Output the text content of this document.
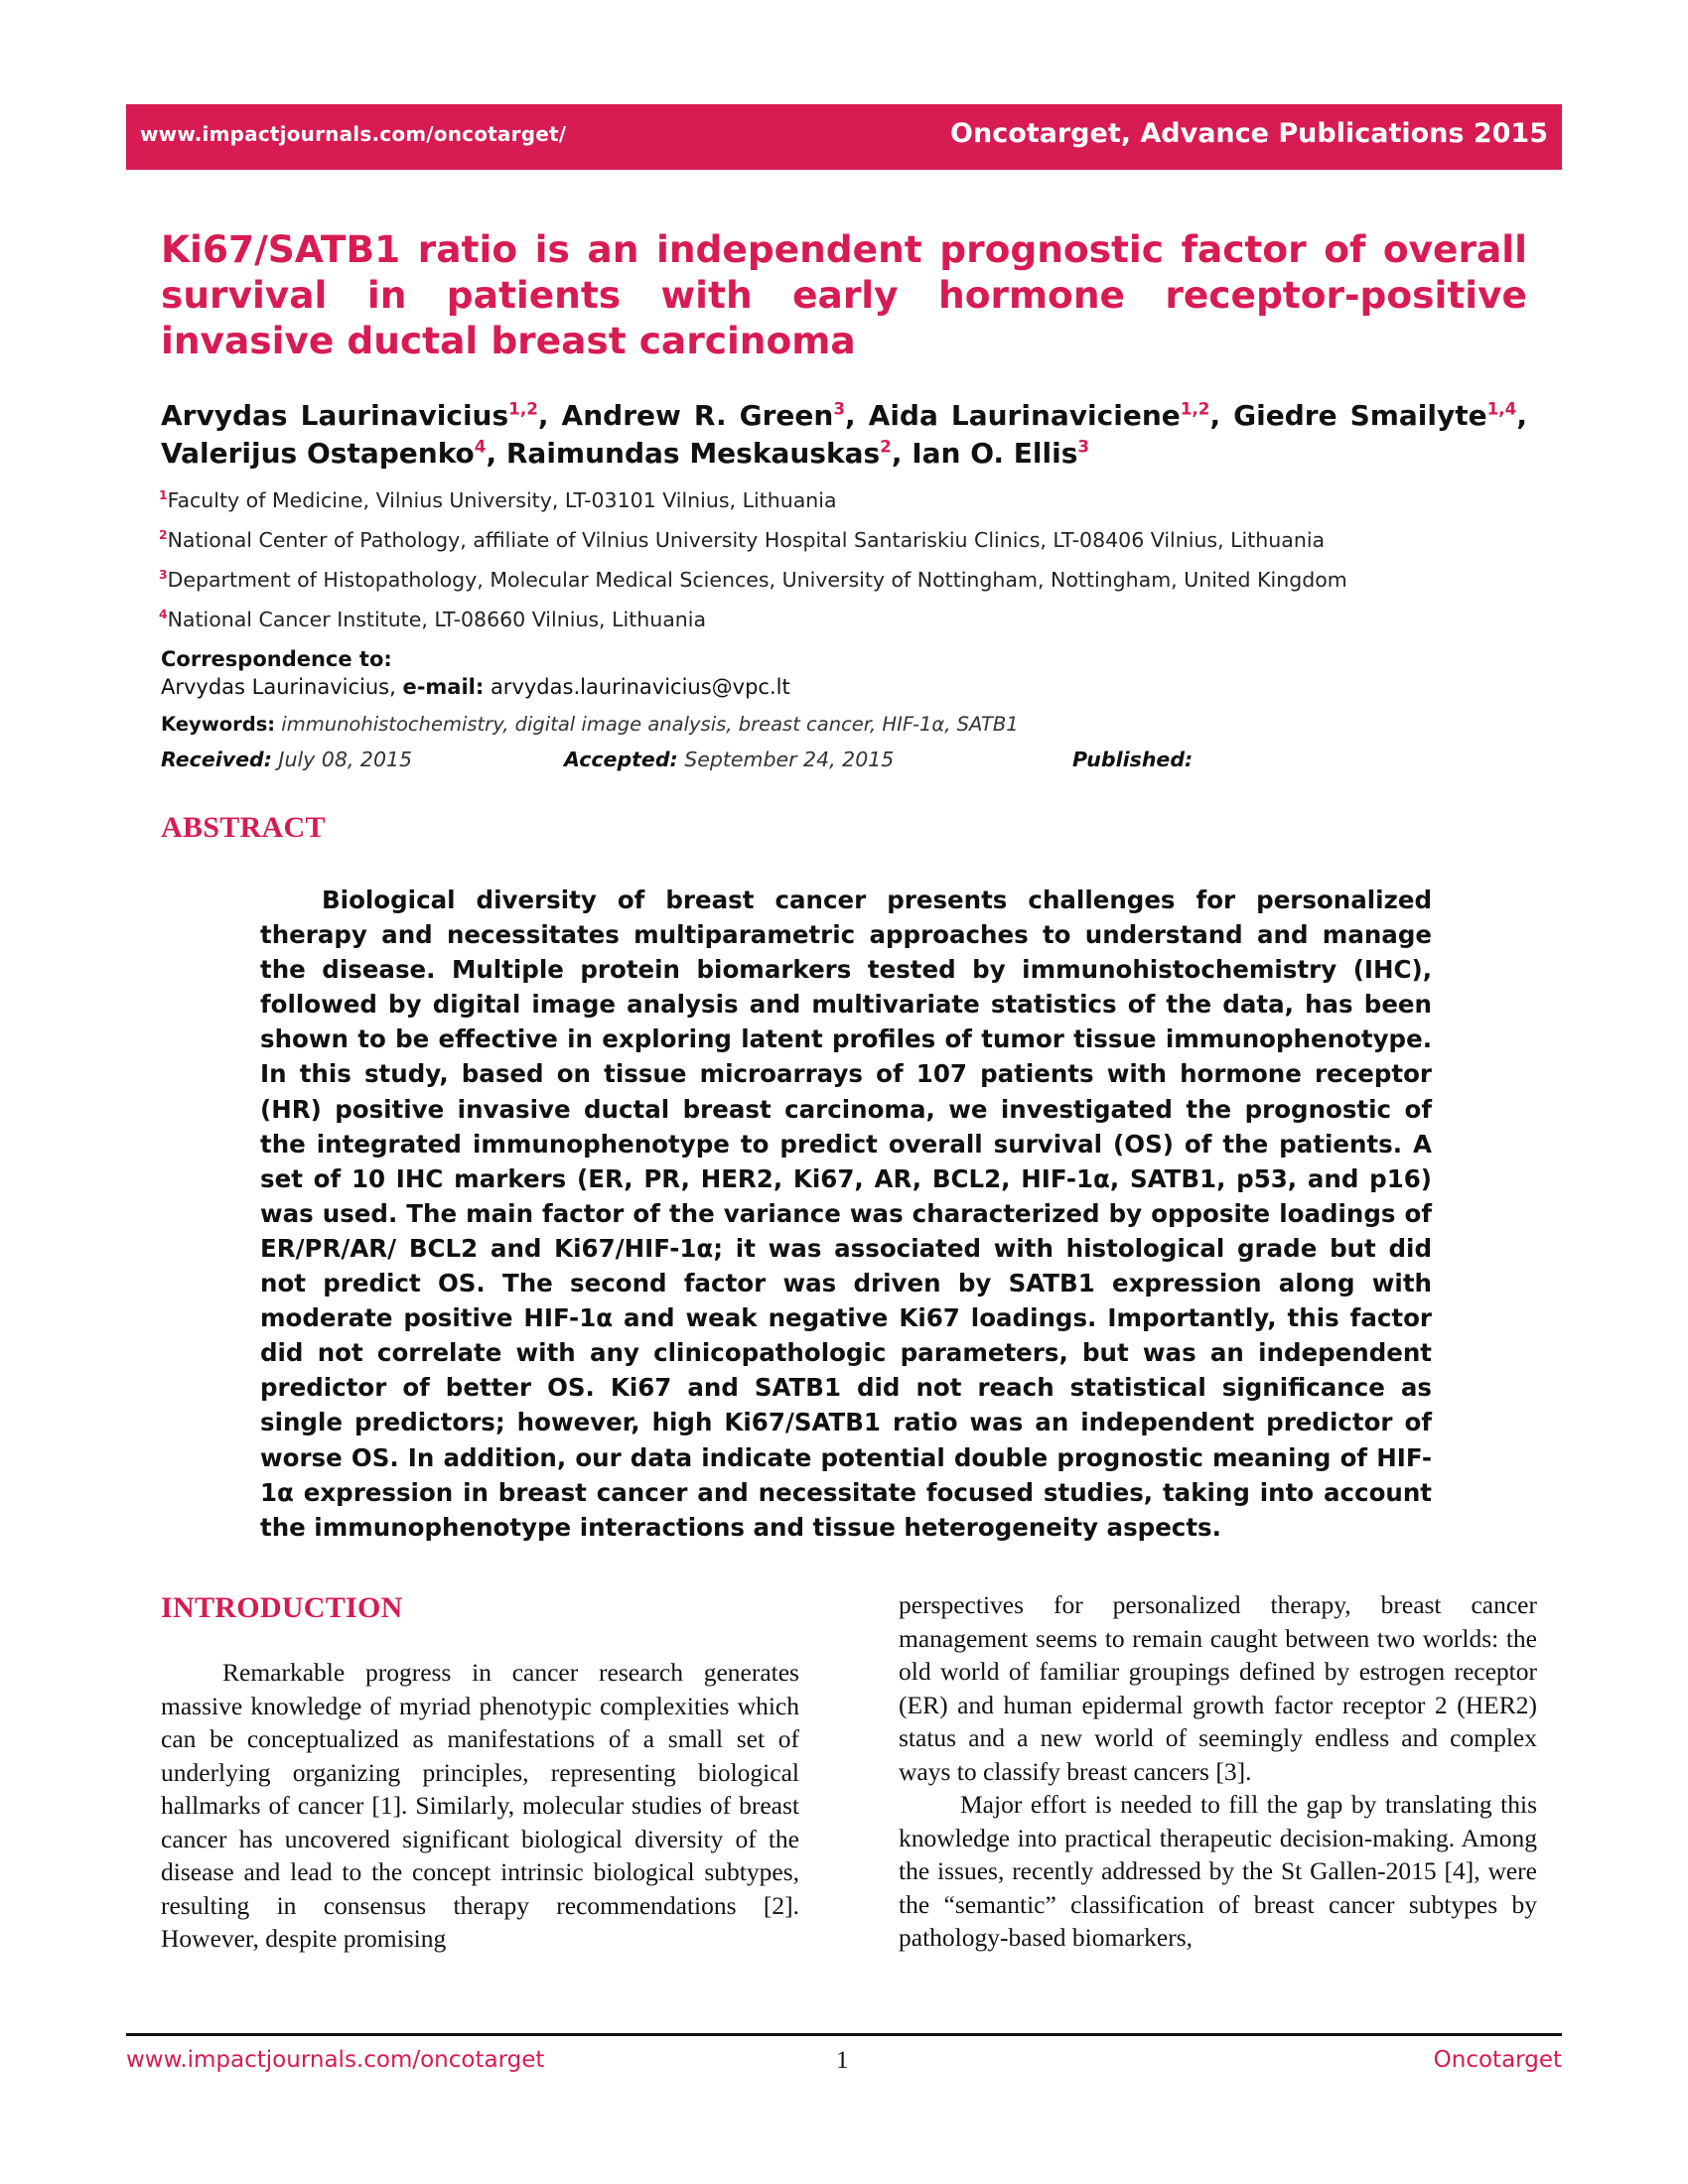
www.impactjournals.com/oncotarget/	Oncotarget, Advance Publications 2015
Ki67/SATB1 ratio is an independent prognostic factor of overall survival in patients with early hormone receptor-positive invasive ductal breast carcinoma
Arvydas Laurinavicius$^{1,2}$, Andrew R. Green$^3$, Aida Laurinaviciene$^{1,2}$, Giedre Smailyte$^{1,4}$, Valerijus Ostapenko$^4$, Raimundas Meskauskas$^2$, Ian O. Ellis$^3$
$^1$Faculty of Medicine, Vilnius University, LT-03101 Vilnius, Lithuania
$^2$National Center of Pathology, affiliate of Vilnius University Hospital Santariskiu Clinics, LT-08406 Vilnius, Lithuania
$^3$Department of Histopathology, Molecular Medical Sciences, University of Nottingham, Nottingham, United Kingdom
$^4$National Cancer Institute, LT-08660 Vilnius, Lithuania
Correspondence to:
Arvydas Laurinavicius, e-mail: arvydas.laurinavicius@vpc.lt
Keywords: immunohistochemistry, digital image analysis, breast cancer, HIF-1α, SATB1
Received: July 08, 2015	Accepted: September 24, 2015	Published:
ABSTRACT

Biological diversity of breast cancer presents challenges for personalized therapy and necessitates multiparametric approaches to understand and manage the disease. Multiple protein biomarkers tested by immunohistochemistry (IHC), followed by digital image analysis and multivariate statistics of the data, has been shown to be effective in exploring latent profiles of tumor tissue immunophenotype. In this study, based on tissue microarrays of 107 patients with hormone receptor (HR) positive invasive ductal breast carcinoma, we investigated the prognostic of the integrated immunophenotype to predict overall survival (OS) of the patients. A set of 10 IHC markers (ER, PR, HER2, Ki67, AR, BCL2, HIF-1α, SATB1, p53, and p16) was used. The main factor of the variance was characterized by opposite loadings of ER/PR/AR/ BCL2 and Ki67/HIF-1α; it was associated with histological grade but did not predict OS. The second factor was driven by SATB1 expression along with moderate positive HIF-1α and weak negative Ki67 loadings. Importantly, this factor did not correlate with any clinicopathologic parameters, but was an independent predictor of better OS. Ki67 and SATB1 did not reach statistical significance as single predictors; however, high Ki67/SATB1 ratio was an independent predictor of worse OS. In addition, our data indicate potential double prognostic meaning of HIF-1α expression in breast cancer and necessitate focused studies, taking into account the immunophenotype interactions and tissue heterogeneity aspects.

INTRODUCTION

Remarkable progress in cancer research generates massive knowledge of myriad phenotypic complexities which can be conceptualized as manifestations of a small set of underlying organizing principles, representing biological hallmarks of cancer [1]. Similarly, molecular studies of breast cancer has uncovered significant biological diversity of the disease and lead to the concept intrinsic biological subtypes, resulting in consensus therapy recommendations [2]. However, despite promising

perspectives for personalized therapy, breast cancer management seems to remain caught between two worlds: the old world of familiar groupings defined by estrogen receptor (ER) and human epidermal growth factor receptor 2 (HER2) status and a new world of seemingly endless and complex ways to classify breast cancers [3].

Major effort is needed to fill the gap by translating this knowledge into practical therapeutic decision-making. Among the issues, recently addressed by the St Gallen-2015 [4], were the “semantic” classification of breast cancer subtypes by pathology-based biomarkers,

www.impactjournals.com/oncotarget	1	Oncotarget
